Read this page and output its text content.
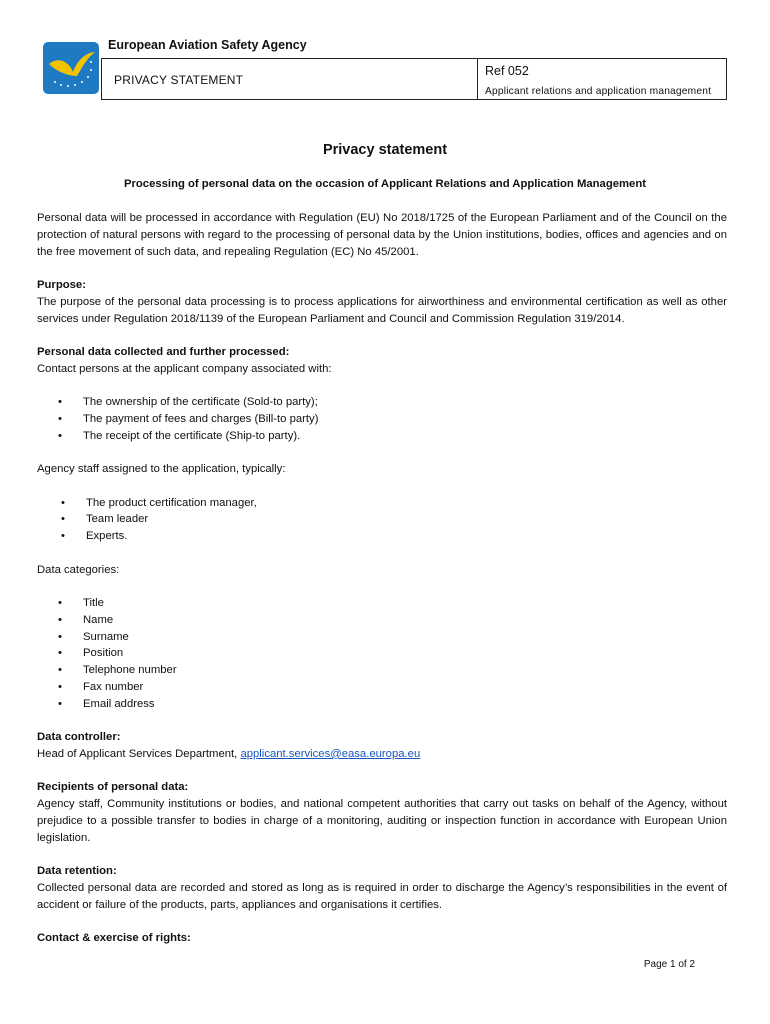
European Aviation Safety Agency
PRIVACY STATEMENT
Ref 052
Applicant relations and application management
Privacy statement
Processing of personal data on the occasion of Applicant Relations and Application Management

Personal data will be processed in accordance with Regulation (EU) No 2018/1725 of the European Parliament and of the Council on the protection of natural persons with regard to the processing of personal data by the Union institutions, bodies, offices and agencies and on the free movement of such data, and repealing Regulation (EC) No 45/2001.

Purpose:

The purpose of the personal data processing is to process applications for airworthiness and environmental certification as well as other services under Regulation 2018/1139 of the European Parliament and Council and Commission Regulation 319/2014.

Personal data collected and further processed:

Contact persons at the applicant company associated with:

• The ownership of the certificate (Sold-to party);
• The payment of fees and charges (Bill-to party)
• The receipt of the certificate (Ship-to party).

Agency staff assigned to the application, typically:

• The product certification manager,
• Team leader
• Experts.

Data categories:

• Title
• Name
• Surname
• Position
• Telephone number
• Fax number
• Email address
Data controller:

Head of Applicant Services Department, applicant.services@easa.europa.eu

Recipients of personal data:

Agency staff, Community institutions or bodies, and national competent authorities that carry out tasks on behalf of the Agency, without prejudice to a possible transfer to bodies in charge of a monitoring, auditing or inspection function in accordance with European Union legislation.

Data retention:

Collected personal data are recorded and stored as long as is required in order to discharge the Agency’s responsibilities in the event of accident or failure of the products, parts, appliances and organisations it certifies.

Contact & exercise of rights:
Page 1 of 2
